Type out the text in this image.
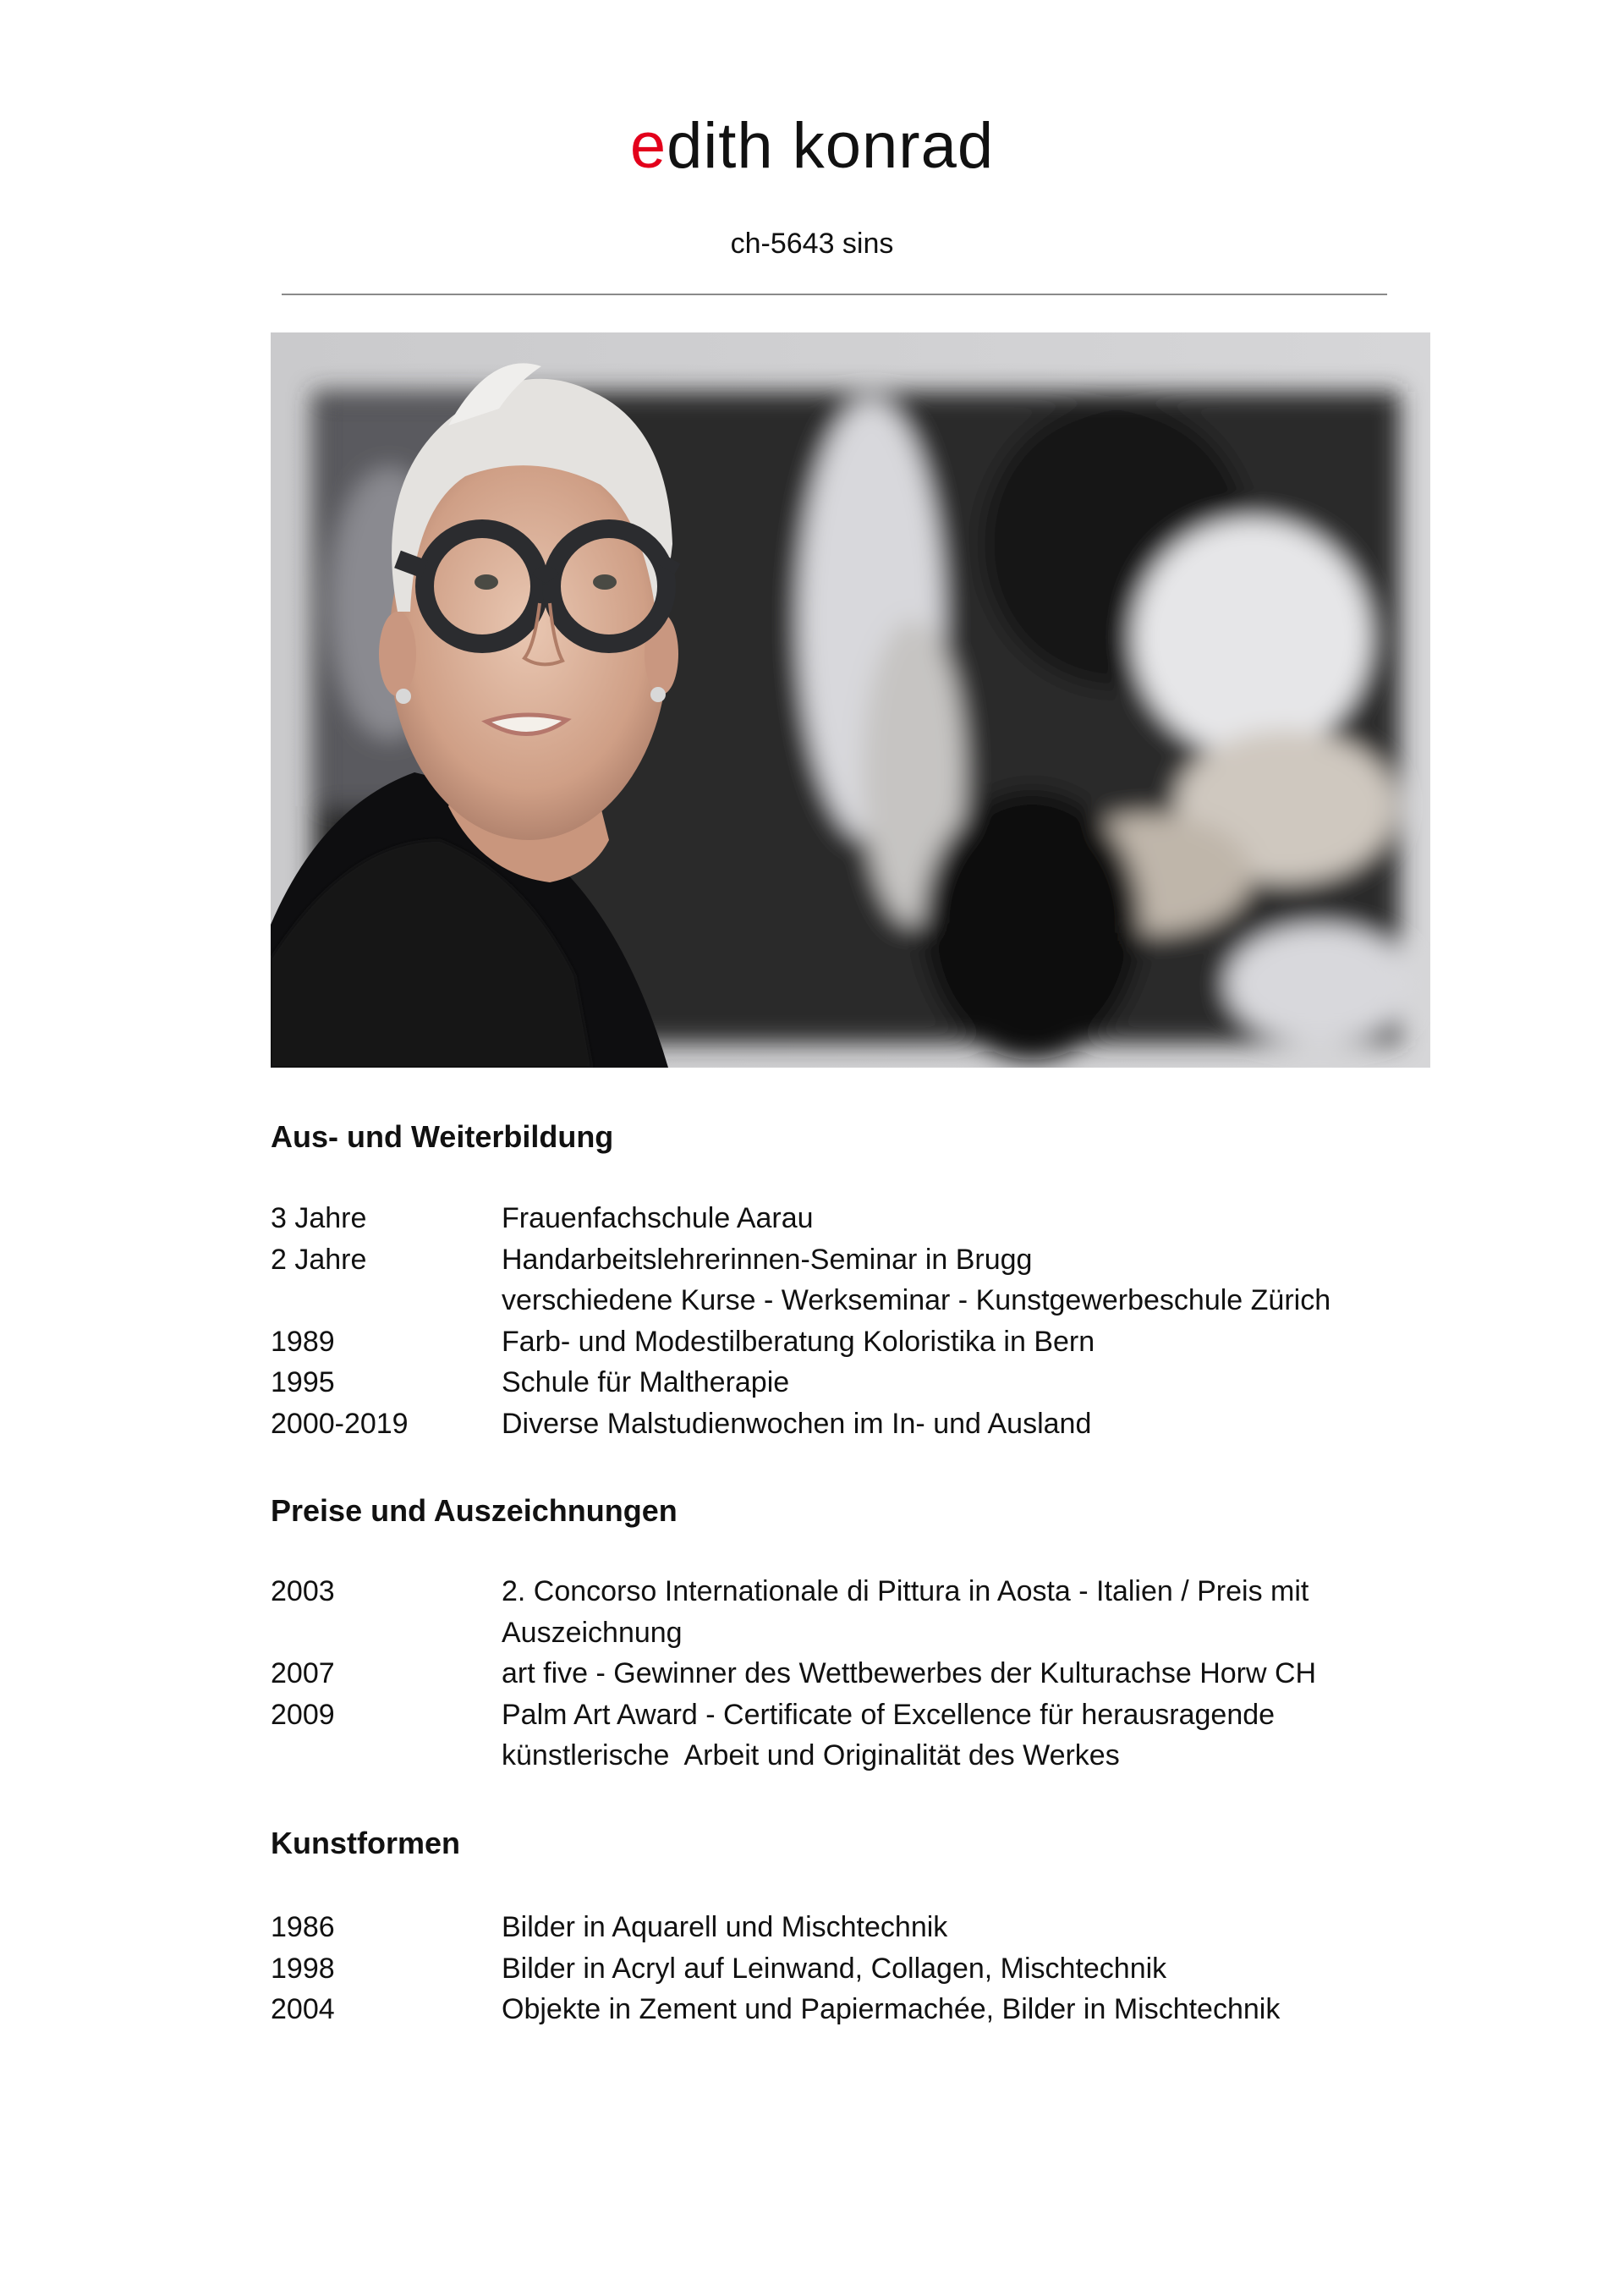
edith konrad
ch-5643 sins
Aus- und Weiterbildung
3 Jahre	Frauenfachschule Aarau
2 Jahre	Handarbeitslehrerinnen-Seminar in Brugg
verschiedene Kurse - Werkseminar - Kunstgewerbeschule Zürich
1989	Farb- und Modestilberatung Koloristika in Bern
1995	Schule für Maltherapie
2000-2019	Diverse Malstudienwochen im In- und Ausland
Preise und Auszeichnungen
2003	2. Concorso Internationale di Pittura in Aosta - Italien / Preis mit
Auszeichnung
2007	art five - Gewinner des Wettbewerbes der Kulturachse Horw CH
2009	Palm Art Award - Certificate of Excellence für herausragende
künstlerische  Arbeit und Originalität des Werkes
Kunstformen
1986	Bilder in Aquarell und Mischtechnik
1998	Bilder in Acryl auf Leinwand, Collagen, Mischtechnik
2004	Objekte in Zement und Papiermachée, Bilder in Mischtechnik
